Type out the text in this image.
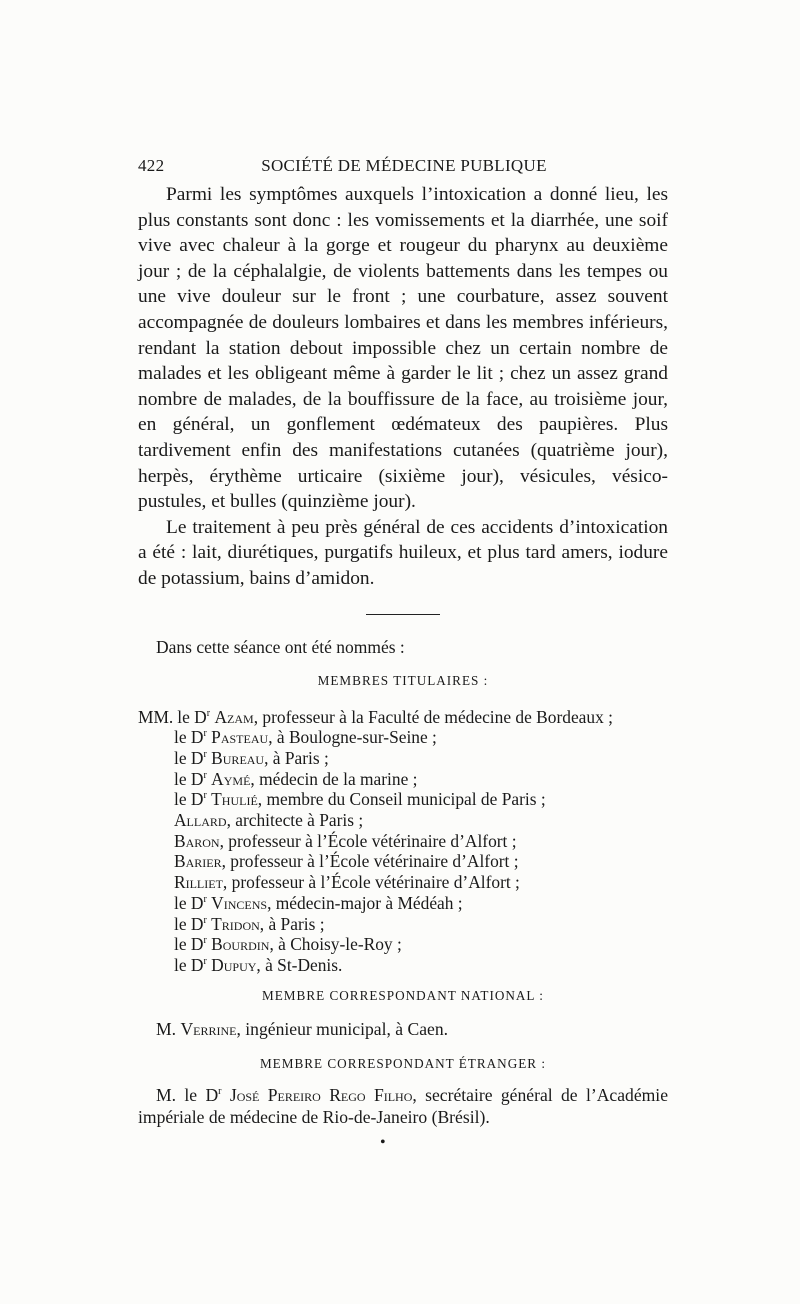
422	SOCIÉTÉ DE MÉDECINE PUBLIQUE

Parmi les symptômes auxquels l’intoxication a donné lieu, les plus constants sont donc : les vomissements et la diarrhée, une soif vive avec chaleur à la gorge et rougeur du pharynx au deuxième jour ; de la céphalalgie, de violents battements dans les tempes ou une vive douleur sur le front ; une courbature, assez souvent accompagnée de douleurs lombaires et dans les membres inférieurs, rendant la station debout impossible chez un certain nombre de malades et les obligeant même à garder le lit ; chez un assez grand nombre de malades, de la bouffissure de la face, au troisième jour, en général, un gonflement œdémateux des paupières. Plus tardivement enfin des manifestations cutanées (quatrième jour), herpès, érythème urticaire (sixième jour), vésicules, vésico-pustules, et bulles (quinzième jour).

Le traitement à peu près général de ces accidents d’intoxication a été : lait, diurétiques, purgatifs huileux, et plus tard amers, iodure de potassium, bains d’amidon.

Dans cette séance ont été nommés :

MEMBRES TITULAIRES :

MM. le $D^r$ Azam, professeur à la Faculté de médecine de Bordeaux ;
le $D^r$ Pasteau, à Boulogne-sur-Seine ;
le $D^r$ Bureau, à Paris ;
le $D^r$ Aymé, médecin de la marine ;
le $D^r$ Thulié, membre du Conseil municipal de Paris ;
Allard, architecte à Paris ;
Baron, professeur à l’École vétérinaire d’Alfort ;
Barier, professeur à l’École vétérinaire d’Alfort ;
Rilliet, professeur à l’École vétérinaire d’Alfort ;
le $D^r$ Vincens, médecin-major à Médéah ;
le $D^r$ Tridon, à Paris ;
le $D^r$ Bourdin, à Choisy-le-Roy ;
le $D^r$ Dupuy, à St-Denis.

MEMBRE CORRESPONDANT NATIONAL :

M. Verrine, ingénieur municipal, à Caen.

MEMBRE CORRESPONDANT ÉTRANGER :

M. le $D^r$ José Pereiro Rego Filho, secrétaire général de l’Académie impériale de médecine de Rio-de-Janeiro (Brésil).

•
